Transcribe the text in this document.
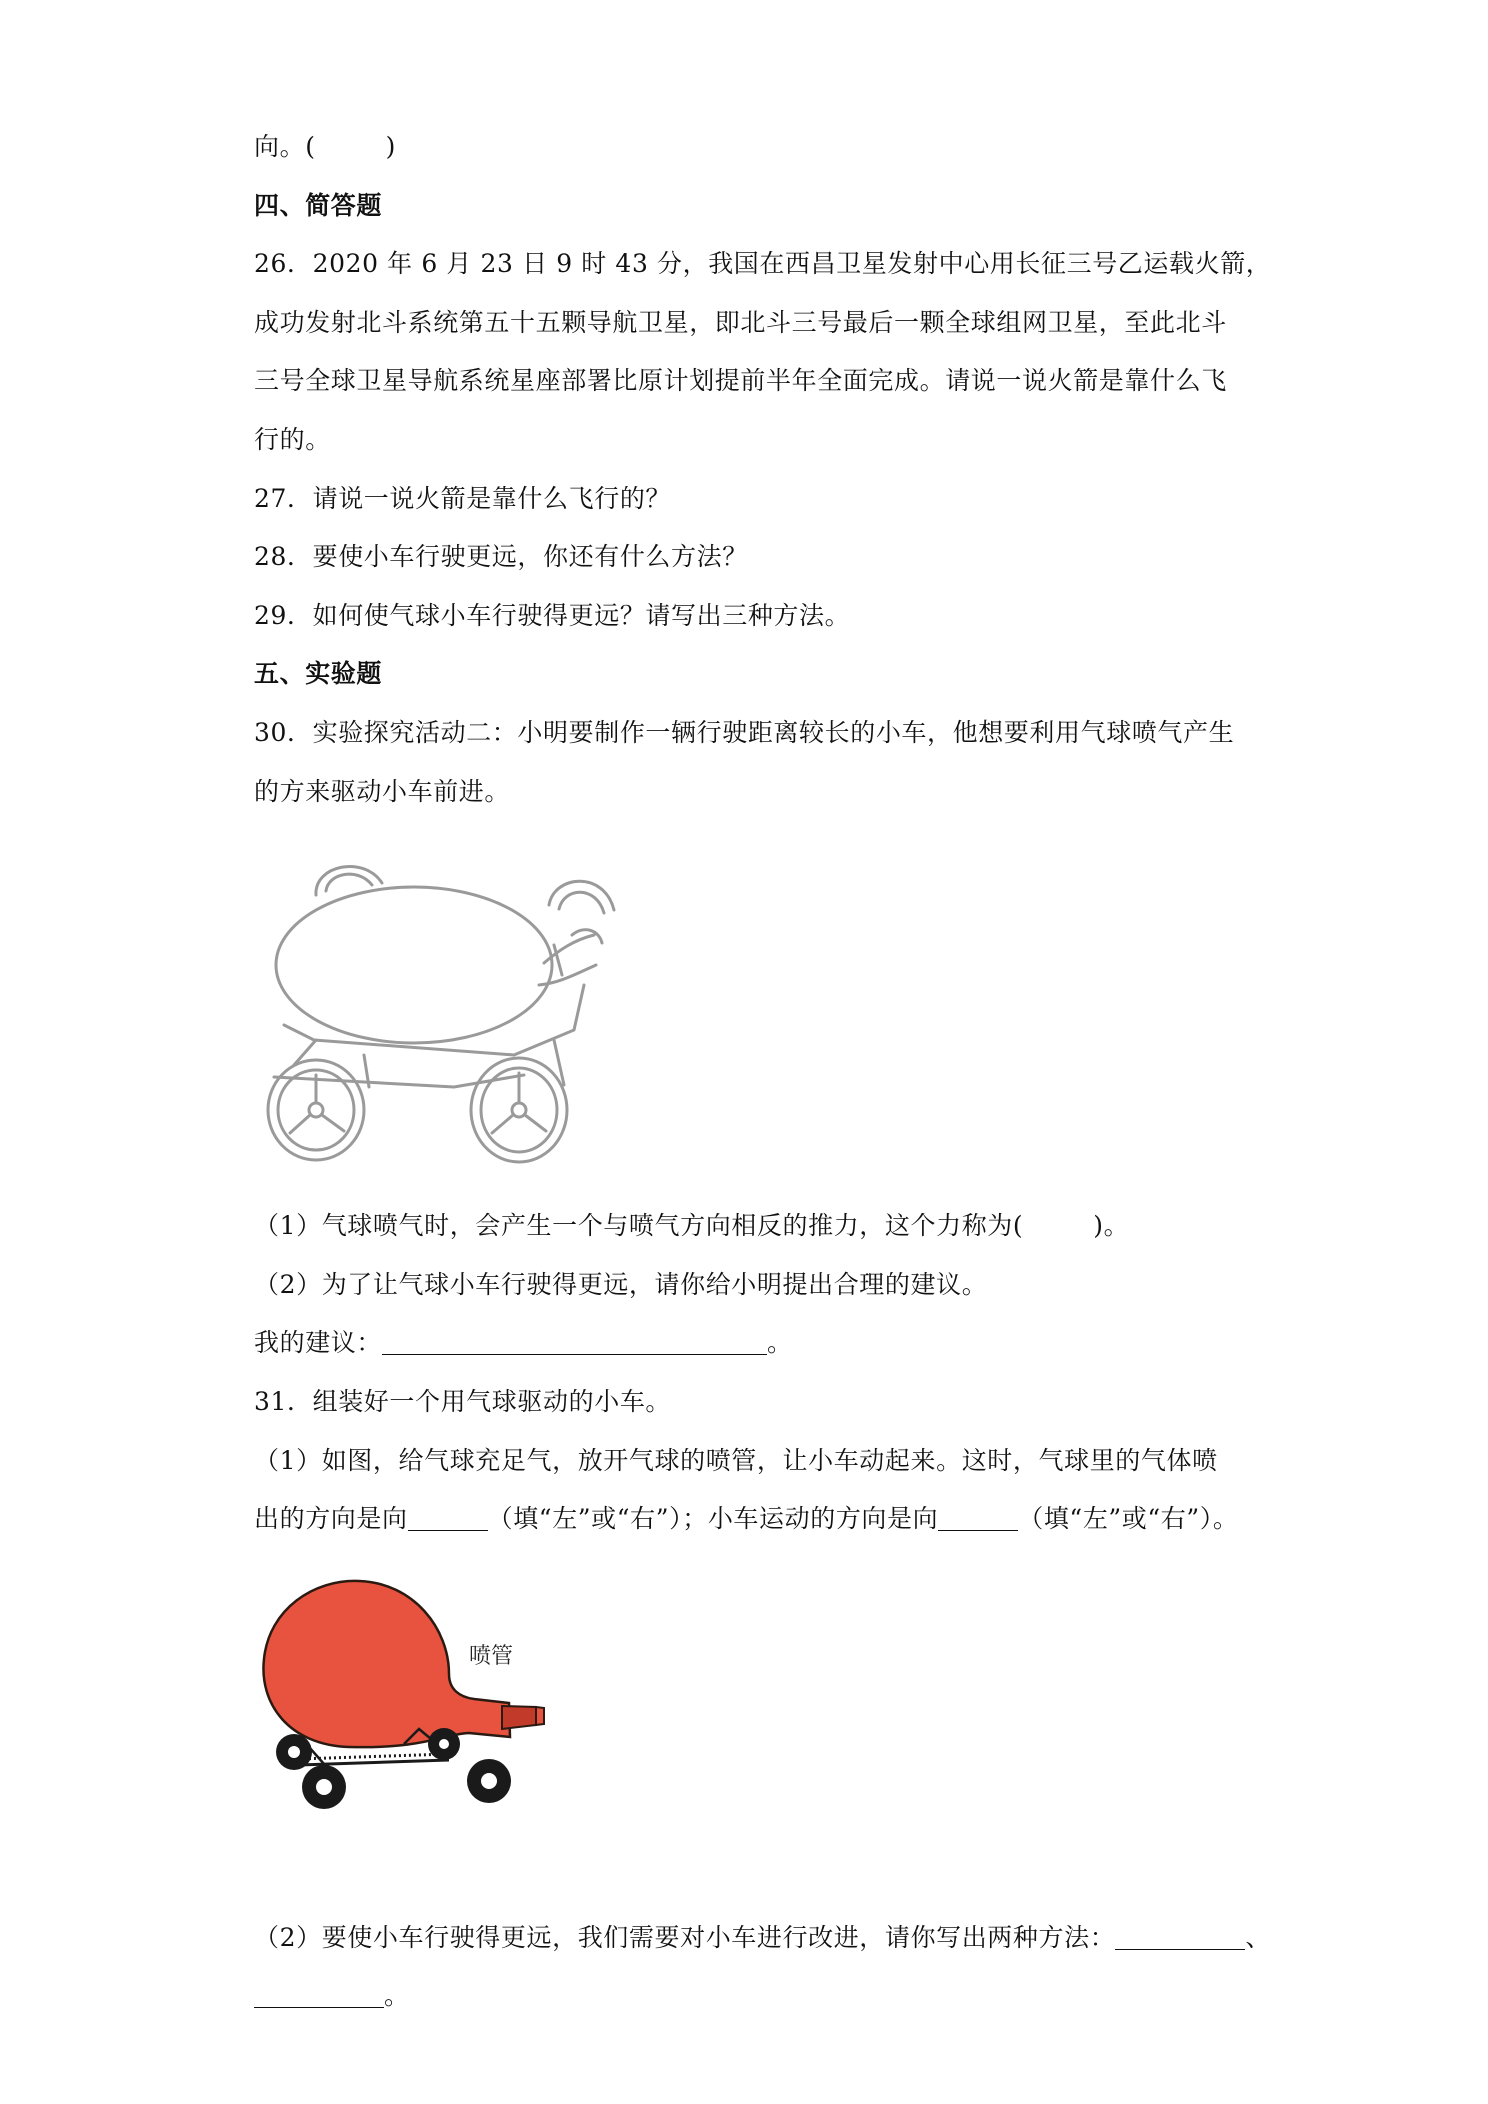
向。(	)
四、简答题
26．2020 年 6 月 23 日 9 时 43 分，我国在西昌卫星发射中心用长征三号乙运载火箭，
成功发射北斗系统第五十五颗导航卫星，即北斗三号最后一颗全球组网卫星，至此北斗
三号全球卫星导航系统星座部署比原计划提前半年全面完成。请说一说火箭是靠什么飞
行的。
27．请说一说火箭是靠什么飞行的？
28．要使小车行驶更远，你还有什么方法？
29．如何使气球小车行驶得更远？请写出三种方法。
五、实验题
30．实验探究活动二：小明要制作一辆行驶距离较长的小车，他想要利用气球喷气产生
的方来驱动小车前进。
（1）气球喷气时，会产生一个与喷气方向相反的推力，这个力称为(	)。
（2）为了让气球小车行驶得更远，请你给小明提出合理的建议。
我的建议：	。
31．组装好一个用气球驱动的小车。
（1）如图，给气球充足气，放开气球的喷管，让小车动起来。这时，气球里的气体喷
出的方向是向	（填“左”或“右”）；小车运动的方向是向	（填“左”或“右”）。
喷管
（2）要使小车行驶得更远，我们需要对小车进行改进，请你写出两种方法：	、
。
